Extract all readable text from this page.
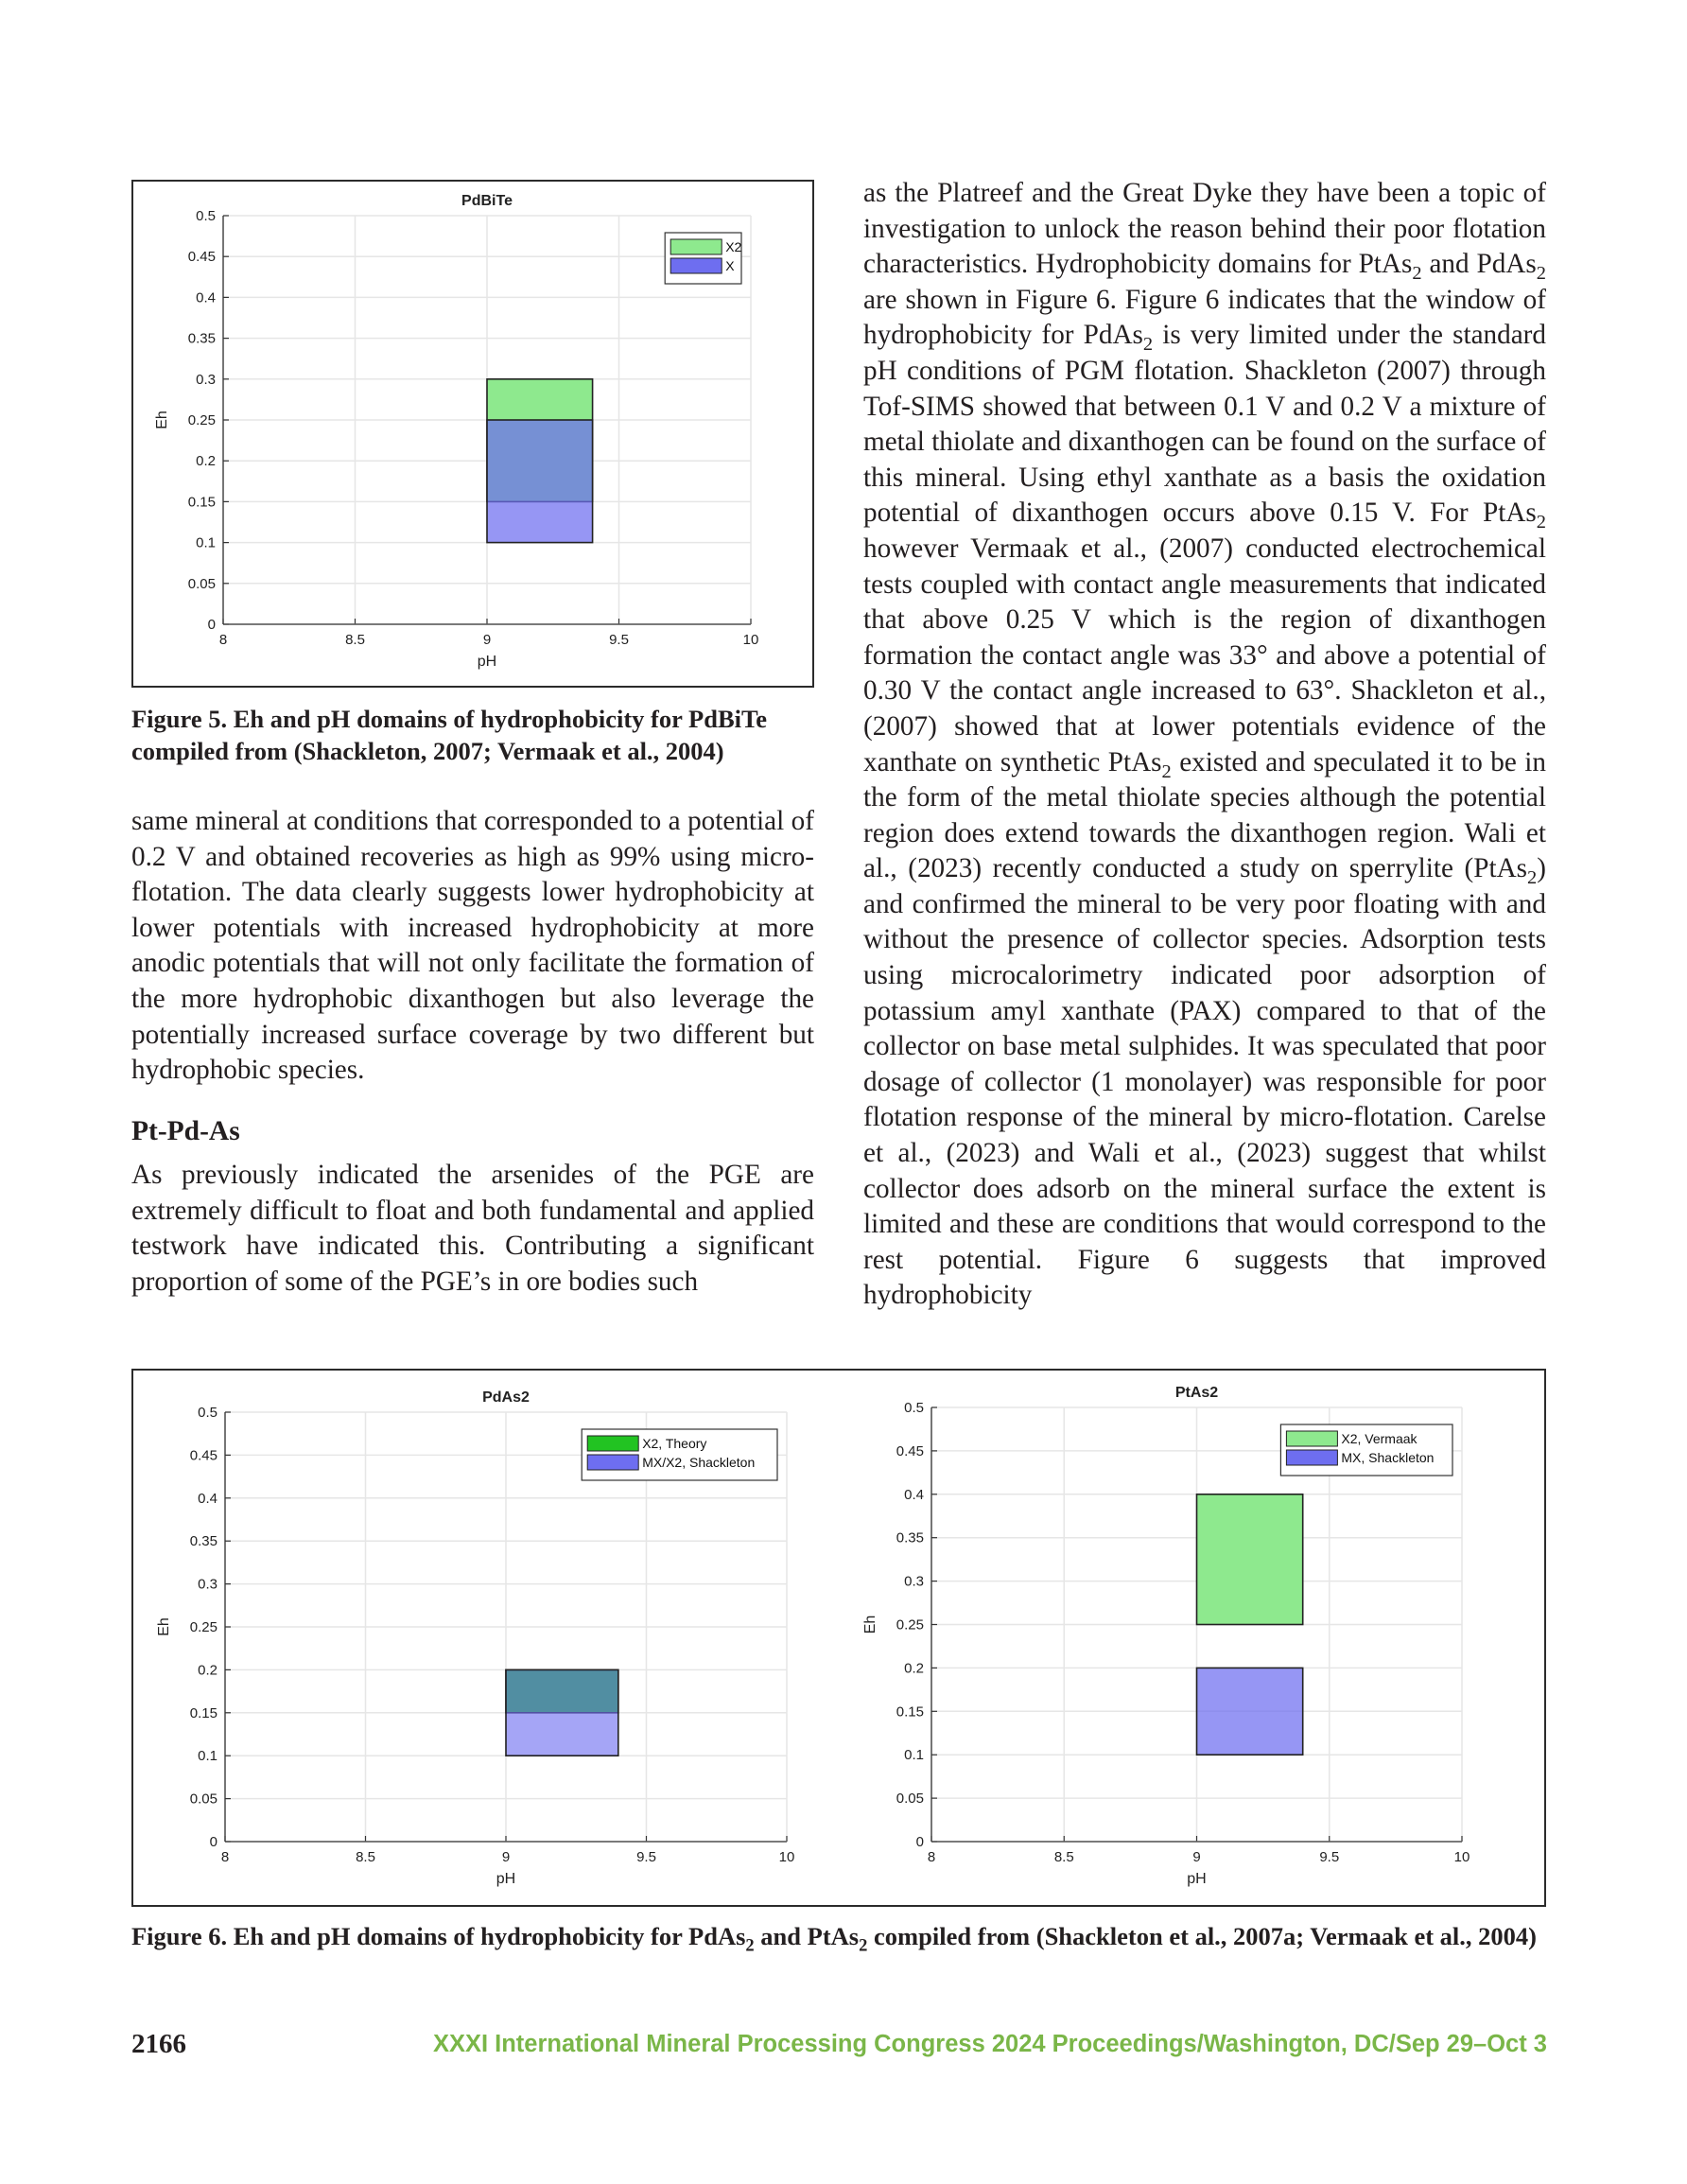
8	8.5	9	9.5	10
0
0.05
0.1
0.15
0.2
0.25
0.3
0.35
0.4
0.45
0.5
PdBiTe
pH
Eh
X2
X
Figure 5. Eh and pH domains of hydrophobicity for PdBiTe compiled from (Shackleton, 2007; Vermaak et al., 2004)

same mineral at conditions that corresponded to a potential of 0.2 V and obtained recoveries as high as 99% using micro-flotation. The data clearly suggests lower hydrophobicity at lower potentials with increased hydrophobicity at more anodic potentials that will not only facilitate the formation of the more hydrophobic dixanthogen but also leverage the potentially increased surface coverage by two different but hydrophobic species.

Pt-Pd-As

As previously indicated the arsenides of the PGE are extremely difficult to float and both fundamental and applied testwork have indicated this. Contributing a significant proportion of some of the PGE’s in ore bodies such

as the Platreef and the Great Dyke they have been a topic of investigation to unlock the reason behind their poor flotation characteristics. Hydrophobicity domains for PtAs$_2$ and PdAs$_2$ are shown in Figure 6. Figure 6 indicates that the window of hydrophobicity for PdAs$_2$ is very limited under the standard pH conditions of PGM flotation. Shackleton (2007) through Tof-SIMS showed that between 0.1 V and 0.2 V a mixture of metal thiolate and dixanthogen can be found on the surface of this mineral. Using ethyl xanthate as a basis the oxidation potential of dixanthogen occurs above 0.15 V. For PtAs$_2$ however Vermaak et al., (2007) conducted electrochemical tests coupled with contact angle measurements that indicated that above 0.25 V which is the region of dixanthogen formation the contact angle was 33° and above a potential of 0.30 V the contact angle increased to 63°. Shackleton et al., (2007) showed that at lower potentials evidence of the xanthate on synthetic PtAs$_2$ existed and speculated it to be in the form of the metal thiolate species although the potential region does extend towards the dixanthogen region. Wali et al., (2023) recently conducted a study on sperrylite (PtAs$_2$) and confirmed the mineral to be very poor floating with and without the presence of collector species. Adsorption tests using microcalorimetry indicated poor adsorption of potassium amyl xanthate (PAX) compared to that of the collector on base metal sulphides. It was speculated that poor dosage of collector (1 monolayer) was responsible for poor flotation response of the mineral by micro-flotation. Carelse et al., (2023) and Wali et al., (2023) suggest that whilst collector does adsorb on the mineral surface the extent is limited and these are conditions that would correspond to the rest potential. Figure 6 suggests that improved hydrophobicity

8	8.5	9	9.5	10
0
0.05
0.1
0.15
0.2
0.25
0.3
0.35
0.4
0.45
0.5
PdAs2
pH
Eh
X2, Theory
MX/X2, Shackleton
8	8.5	9	9.5	10
0
0.05
0.1
0.15
0.2
0.25
0.3
0.35
0.4
0.45
0.5
PtAs2
pH
Eh
X2, Vermaak
MX, Shackleton
Figure 6. Eh and pH domains of hydrophobicity for PdAs$_2$ and PtAs$_2$ compiled from (Shackleton et al., 2007a; Vermaak et al., 2004)
2166	XXXI International Mineral Processing Congress 2024 Proceedings/Washington, DC/Sep 29–Oct 3
